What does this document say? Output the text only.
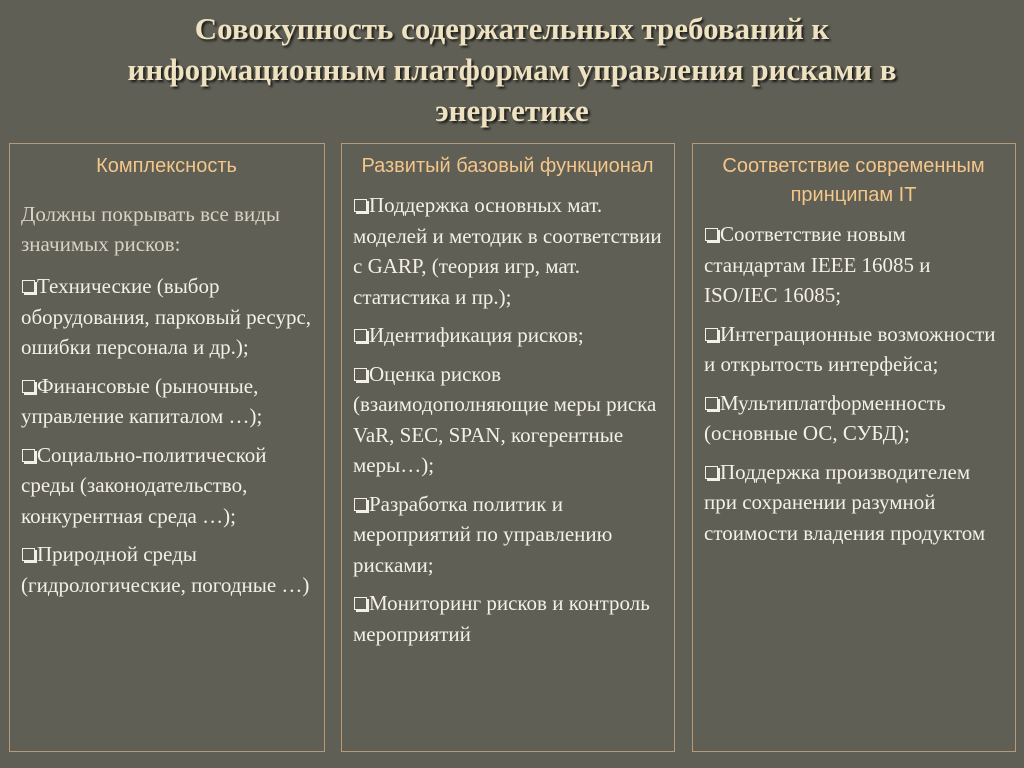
Совокупность содержательных требований к
информационным платформам управления рисками в
энергетике
Комплексность
Должны покрывать все виды значимых рисков:
Технические (выбор оборудования, парковый ресурс, ошибки персонала и др.);
Финансовые (рыночные, управление капиталом …);
Социально-политической среды (законодательство, конкурентная среда …);
Природной среды (гидрологические, погодные …)
Развитый базовый функционал
Поддержка основных мат. моделей и методик в соответствии с GARP, (теория игр, мат. статистика и пр.);
Идентификация рисков;
Оценка рисков (взаимодополняющие меры риска VaR, SEC, SPAN, когерентные меры…);
Разработка политик и мероприятий по управлению рисками;
Мониторинг рисков и контроль мероприятий
Соответствие современным принципам IT
Соответствие новым стандартам IEEE 16085 и ISO/IEC 16085;
Интеграционные возможности и открытость интерфейса;
Мультиплатформенность (основные ОС, СУБД);
Поддержка производителем при сохранении разумной стоимости владения продуктом
